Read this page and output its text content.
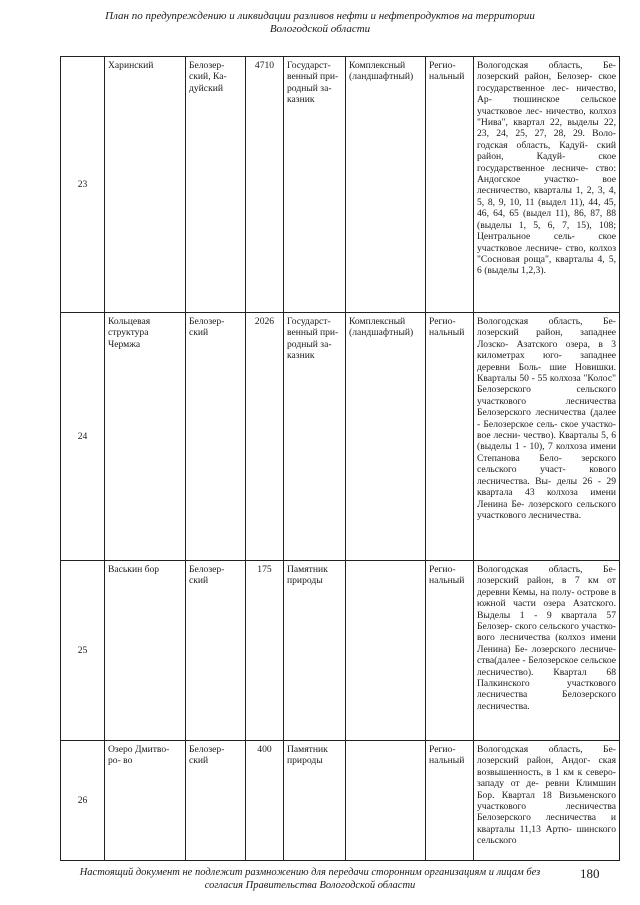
План по предупреждению и ликвидации разливов нефти и нефтепродуктов на территории
Вологодской области
23	Харинский	Белозер- ский, Ка- дуйский	4710	Государст- венный при- родный за- казник	Комплексный (ландшафтный)	Регио- нальный	Вологодская область, Бе- лозерский район, Белозер- ское государственное лес- ничество, Ар- тюшинское сельское участковое лес- ничество, колхоз "Нива", квартал 22, выделы 22, 23, 24, 25, 27, 28, 29. Воло- годская область, Кадуй- ский район, Кадуй- ское государственное лесниче- ство: Андогское участко- вое лесничество, кварталы 1, 2, 3, 4, 5, 8, 9, 10, 11 (выдел 11), 44, 45, 46, 64, 65 (выдел 11), 86, 87, 88 (выделы 1, 5, 6, 7, 15), 108; Центральное сель- ское участковое лесниче- ство, колхоз "Сосновая роща", кварталы 4, 5, 6 (выделы 1,2,3).
24	Кольцевая структура Чермжа	Белозер- ский	2026	Государст- венный при- родный за- казник	Комплексный (ландшафтный)	Регио- нальный	Вологодская область, Бе- лозерский район, западнее Лозско- Азатского озера, в 3 километрах юго- западнее деревни Боль- шие Новишки. Кварталы 50 - 55 колхоза "Колос" Белозерского сельского участкового лесничества Белозерского лесничества (далее - Белозерское сель- ское участко- вое лесни- чество). Кварталы 5, 6 (выделы 1 - 10), 7 колхоза имени Степанова Бело- зерского сельского участ- кового лесничества. Вы- делы 26 - 29 квартала 43 колхоза имени Ленина Бе- лозерского сельского участкового лесничества.
25	Васькин бор	Белозер- ский	175	Памятник природы		Регио- нальный	Вологодская область, Бе- лозерский район, в 7 км от деревни Кемы, на полу- острове в южной части озера Азатского. Выделы 1 - 9 квартала 57 Белозер- ского сельского участко- вого лесничества (колхоз имени Ленина) Бе- лозерского лесниче- ства(далее - Белозерское сельское лесничество). Квартал 68 Палкинского участкового лесничества Белозерского лесничества.
26	Озеро Дмитво- ро- во	Белозер- ский	400	Памятник природы		Регио- нальный	Вологодская область, Бе- лозерский район, Андог- ская возвышенность, в 1 км к северо-западу от де- ревни Климшин Бор. Квартал 18 Визьменского участкового лесничества Белозерского лесничества и кварталы 11,13 Артю- шинского сельского
Настоящий документ не подлежит размножению для передачи сторонним организациям и лицам без
согласия Правительства Вологодской области
180
